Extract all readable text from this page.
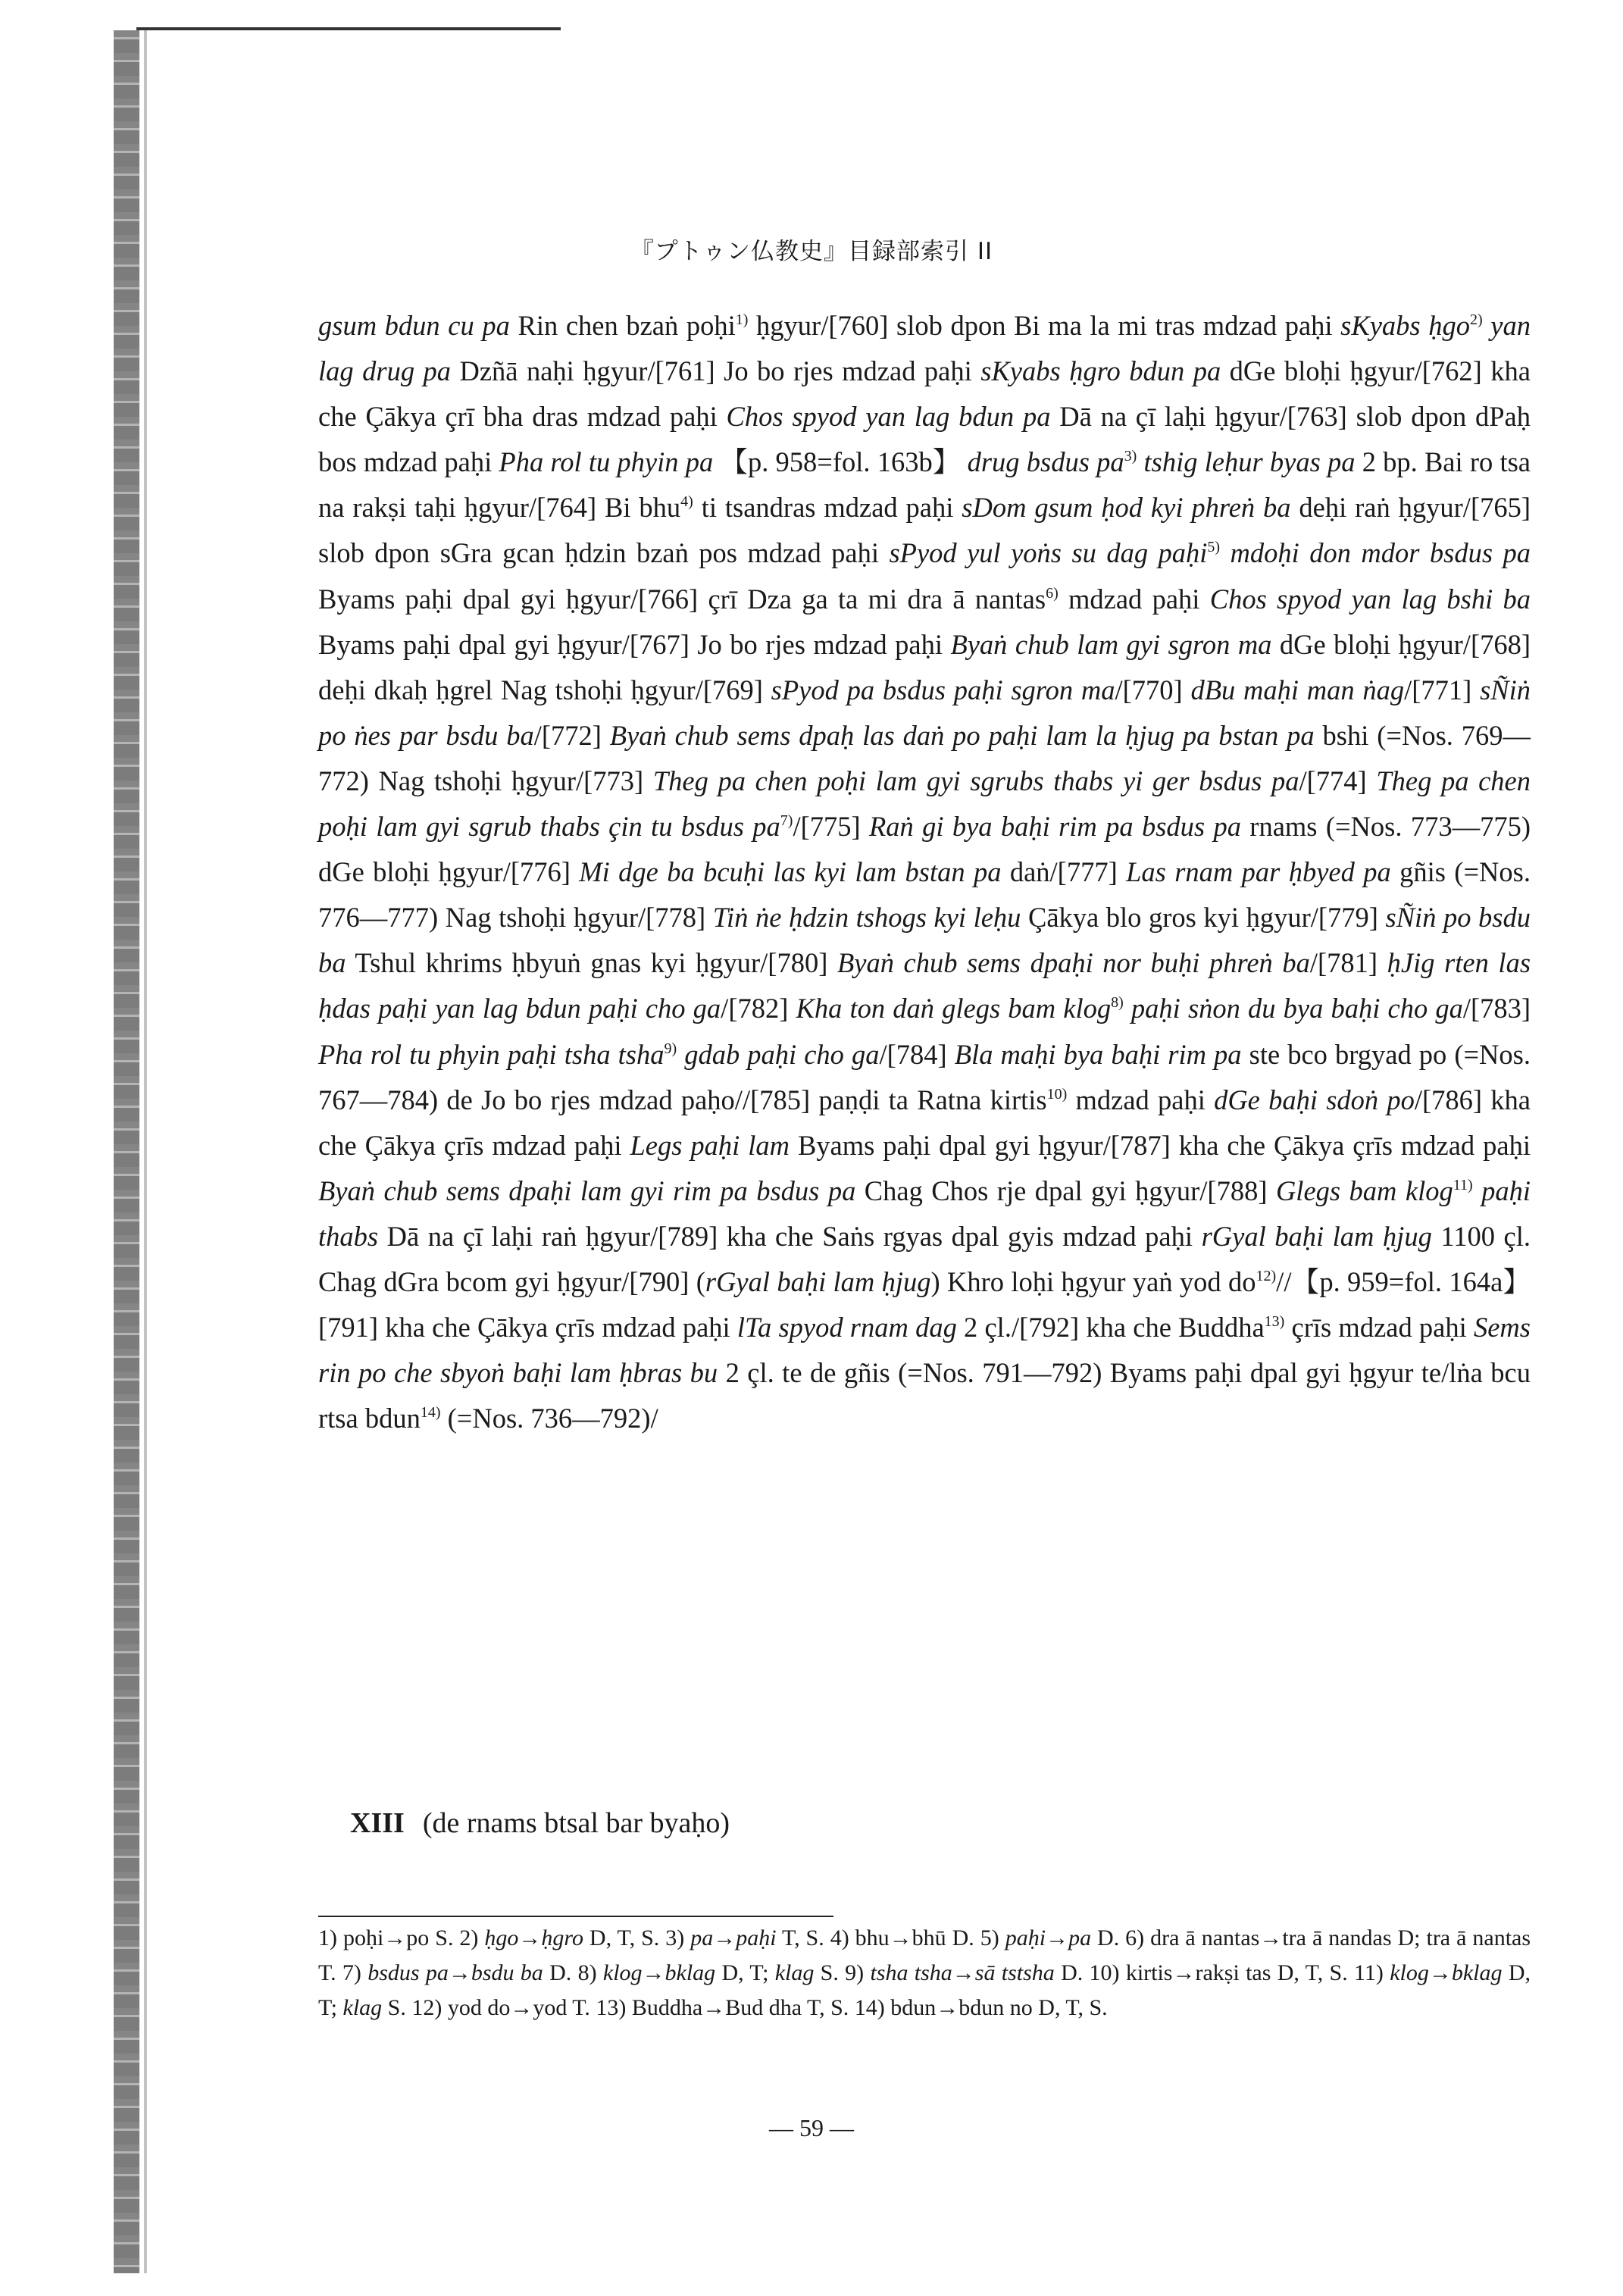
『プトゥン仏教史』目録部索引 II
gsum bdun cu pa Rin chen bzaṅ poḥi$^{1)}$ ḥgyur/[760] slob dpon Bi ma la mi tras mdzad paḥi sKyabs ḥgo$^{2)}$ yan lag drug pa Dzñā naḥi ḥgyur/[761] Jo bo rjes mdzad paḥi sKyabs ḥgro bdun pa dGe bloḥi ḥgyur/[762] kha che Çākya çrī bha dras mdzad paḥi Chos spyod yan lag bdun pa Dā na çī laḥi ḥgyur/[763] slob dpon dPaḥ bos mdzad paḥi Pha rol tu phyin pa 【p. 958=fol. 163b】 drug bsdus $pa^{3)}$ tshig leḥur byas pa 2 bp. Bai ro tsa na rakṣi taḥi ḥgyur/[764] Bi bhu$^{4)}$ ti tsandras mdzad paḥi sDom gsum ḥod kyi phreṅ ba deḥi raṅ ḥgyur/[765] slob dpon sGra gcan ḥdzin bzaṅ pos mdzad paḥi sPyod yul yoṅs su dag paḥi$^{5)}$ mdoḥi don mdor bsdus pa Byams paḥi dpal gyi ḥgyur/[766] çrī Dza ga ta mi dra ā nantas$^{6)}$ mdzad paḥi Chos spyod yan lag bshi ba Byams paḥi dpal gyi ḥgyur/[767] Jo bo rjes mdzad paḥi Byaṅ chub lam gyi sgron ma dGe bloḥi ḥgyur/[768] deḥi dkaḥ ḥgrel Nag tshoḥi ḥgyur/[769] sPyod pa bsdus paḥi sgron ma/[770] dBu maḥi man ṅag/[771] sÑiṅ po ṅes par bsdu ba/[772] Byaṅ chub sems dpaḥ las daṅ po paḥi lam la ḥjug pa bstan pa bshi (=Nos. 769—772) Nag tshoḥi ḥgyur/[773] Theg pa chen poḥi lam gyi sgrubs thabs yi ger bsdus pa/[774] Theg pa chen poḥi lam gyi sgrub thabs çin tu bsdus $pa^{7)}/[775]$ Raṅ gi bya baḥi rim pa bsdus pa rnams (=Nos. 773—775) dGe bloḥi ḥgyur/[776] Mi dge ba bcuḥi las kyi lam bstan pa daṅ/[777] Las rnam par ḥbyed pa gñis (=Nos. 776—777) Nag tshoḥi ḥgyur/[778] Tiṅ ṅe ḥdzin tshogs kyi leḥu Çākya blo gros kyi ḥgyur/[779] sÑiṅ po bsdu ba Tshul khrims ḥbyuṅ gnas kyi ḥgyur/[780] Byaṅ chub sems dpaḥi nor buḥi phreṅ ba/[781] ḥJig rten las ḥdas paḥi yan lag bdun paḥi cho ga/[782] Kha ton daṅ glegs bam klog$^{8)}$ paḥi sṅon du bya baḥi cho ga/[783] Pha rol tu phyin paḥi tsha tsha$^{9)}$ gdab paḥi cho ga/[784] Bla maḥi bya baḥi rim pa ste bco brgyad po (=Nos. 767—784) de Jo bo rjes mdzad paḥo//[785] paṇḍi ta Ratna kirtis$^{10)}$ mdzad paḥi dGe baḥi sdoṅ po/[786] kha che Çākya çrīs mdzad paḥi Legs paḥi lam Byams paḥi dpal gyi ḥgyur/[787] kha che Çākya çrīs mdzad paḥi Byaṅ chub sems dpaḥi lam gyi rim pa bsdus pa Chag Chos rje dpal gyi ḥgyur/[788] Glegs bam klog$^{11)}$ paḥi thabs Dā na çī laḥi raṅ ḥgyur/[789] kha che Saṅs rgyas dpal gyis mdzad paḥi rGyal baḥi lam ḥjug 1100 çl. Chag dGra bcom gyi ḥgyur/[790] (rGyal baḥi lam ḥjug) Khro loḥi ḥgyur yaṅ yod $do^{12)}//$【p. 959=fol. 164a】 [791] kha che Çākya çrīs mdzad paḥi lTa spyod rnam dag 2 çl./[792] kha che Buddha$^{13)}$ çrīs mdzad paḥi Sems rin po che sbyoṅ baḥi lam ḥbras bu 2 çl. te de gñis (=Nos. 791—792) Byams paḥi dpal gyi ḥgyur te/lṅa bcu rtsa bdun$^{14)}$ (=Nos. 736—792)/
XIII (de rnams btsal bar byaḥo)
1) poḥi→po S. 2) ḥgo→ḥgro D, T, S. 3) pa→paḥi T, S. 4) bhu→bhū D. 5) paḥi→pa D. 6) dra ā nantas→tra ā nandas D; tra ā nantas T. 7) bsdus pa→bsdu ba D. 8) klog→bklag D, T; klag S. 9) tsha tsha→sā tstsha D. 10) kirtis→rakṣi tas D, T, S. 11) klog→bklag D, T; klag S. 12) yod do→yod T. 13) Buddha→Bud dha T, S. 14) bdun→bdun no D, T, S.
— 59 —
